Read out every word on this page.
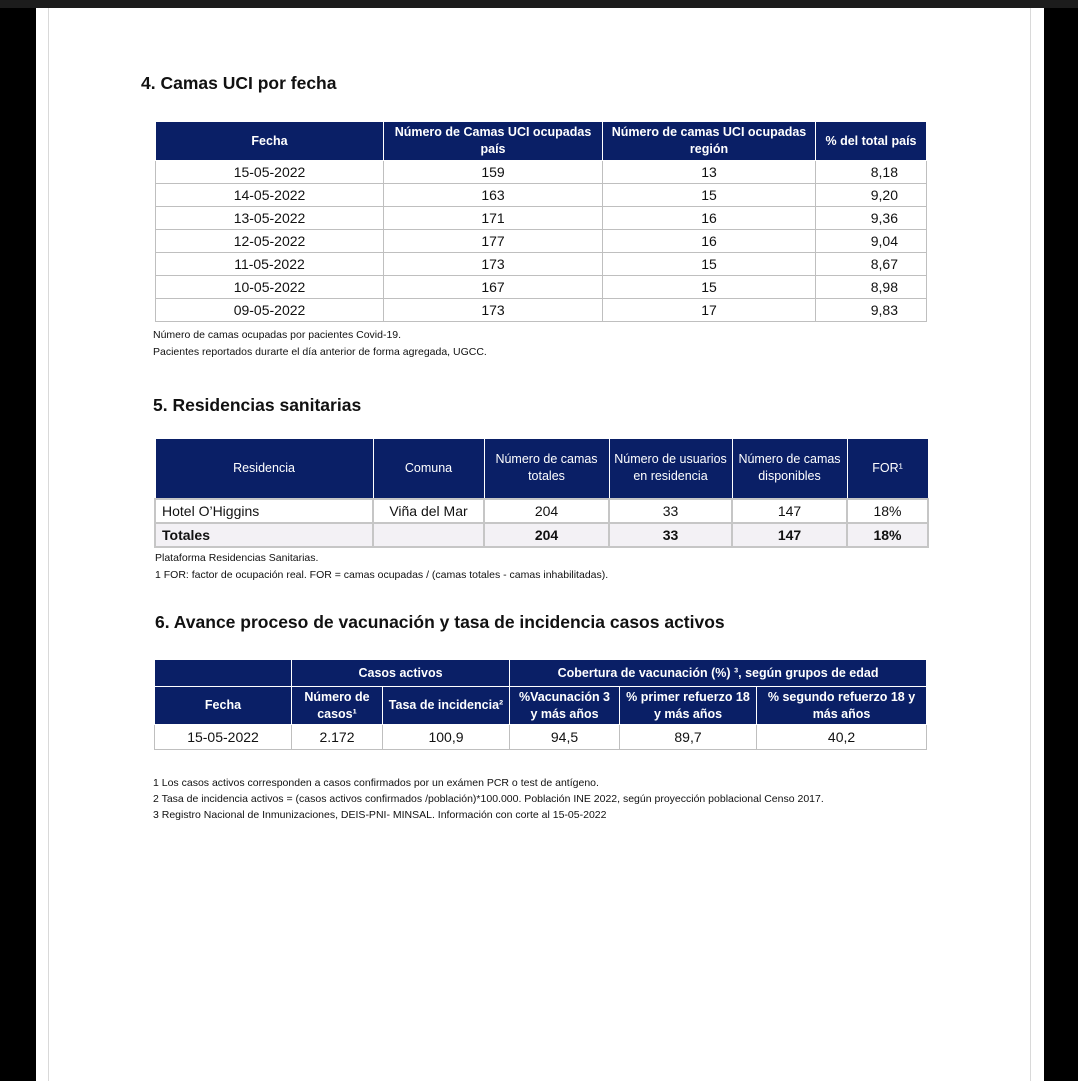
4. Camas UCI por fecha
Fecha	Número de Camas UCI ocupadas país	Número de camas UCI ocupadas región	% del total país
15-05-2022	159	13	8,18
14-05-2022	163	15	9,20
13-05-2022	171	16	9,36
12-05-2022	177	16	9,04
11-05-2022	173	15	8,67
10-05-2022	167	15	8,98
09-05-2022	173	17	9,83
Número de camas ocupadas por pacientes Covid-19.
Pacientes reportados durarte el día anterior de forma agregada, UGCC.
5. Residencias sanitarias
Residencia	Comuna	Número de camas totales	Número de usuarios en residencia	Número de camas disponibles	FOR¹
Hotel O’Higgins	Viña del Mar	204	33	147	18%
Totales		204	33	147	18%
Plataforma Residencias Sanitarias.
1 FOR: factor de ocupación real. FOR = camas ocupadas / (camas totales - camas inhabilitadas).
6. Avance proceso de vacunación y tasa de incidencia casos activos
	Casos activos		Cobertura de vacunación (%) ³, según grupos de edad		
Fecha	Número de casos¹	Tasa de incidencia²	%Vacunación 3 y más años	% primer refuerzo 18 y más años	% segundo refuerzo 18 y más años
15-05-2022	2.172	100,9	94,5	89,7	40,2
1 Los casos activos corresponden a casos confirmados por un exámen PCR o test de antígeno.
2 Tasa de incidencia activos = (casos activos confirmados /población)*100.000. Población INE 2022, según proyección poblacional Censo 2017.
3 Registro Nacional de Inmunizaciones, DEIS-PNI- MINSAL. Información con corte al 15-05-2022
